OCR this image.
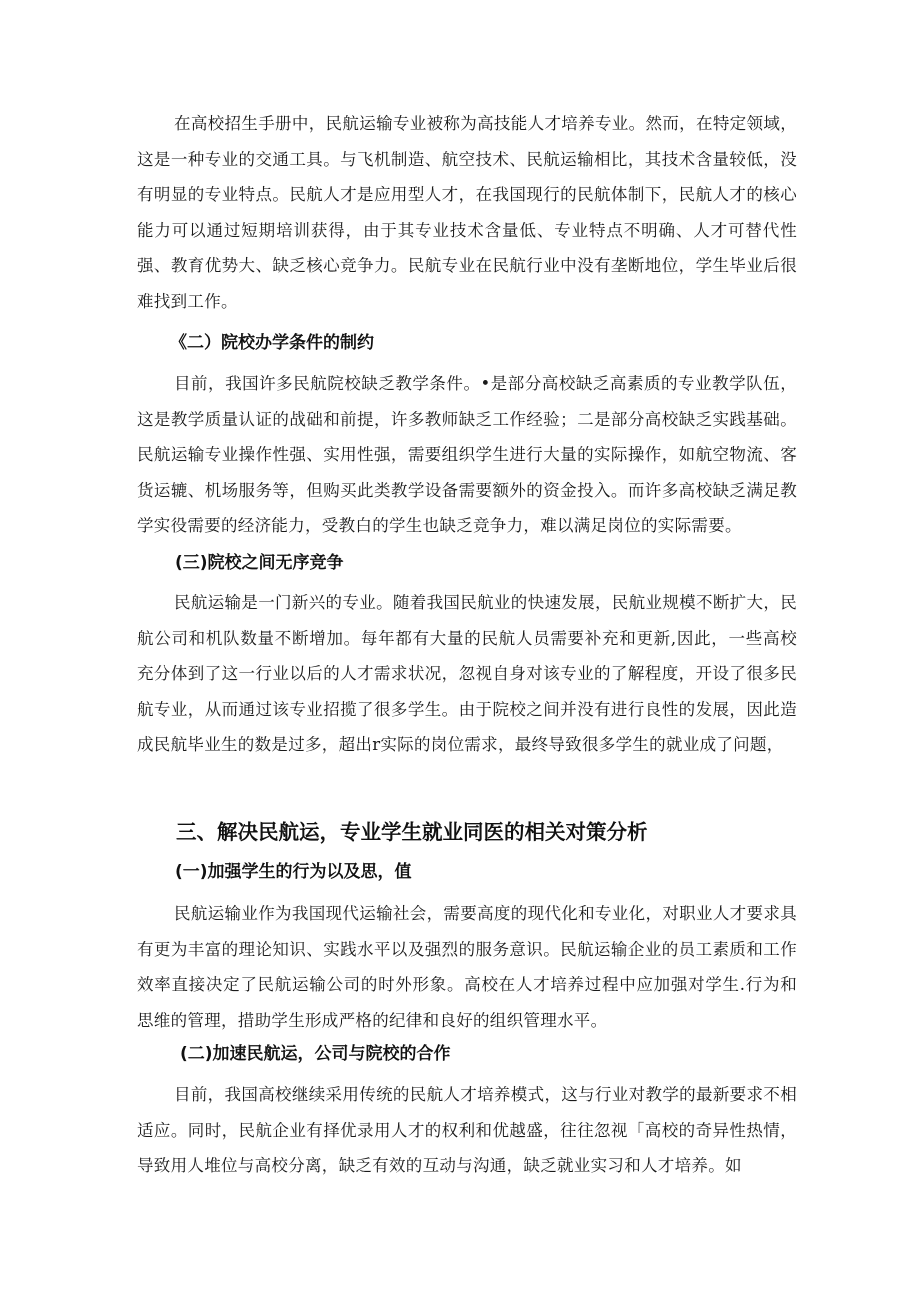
在高校招生手册中，民航运输专业被称为高技能人才培养专业。然而，在特定领域，这是一种专业的交通工具。与飞机制造、航空技术、民航运输相比，其技术含量较低，没有明显的专业特点。民航人才是应用型人才，在我国现行的民航体制下，民航人才的核心能力可以通过短期培训获得，由于其专业技术含量低、专业特点不明确、人才可替代性强、教育优势大、缺乏核心竞争力。民航专业在民航行业中没有垄断地位，学生毕业后很难找到工作。

《二）院校办学条件的制约

目前，我国许多民航院校缺乏教学条件。•是部分高校缺乏高素质的专业教学队伍，这是教学质量认证的战础和前提，许多教师缺乏工作经验；二是部分高校缺乏实践基础。民航运输专业操作性强、实用性强，需要组织学生进行大量的实际操作，如航空物流、客货运辘、机场服务等，但购买此类教学设备需要额外的资金投入。而许多高校缺乏满足教学实役需要的经济能力，受教白的学生也缺乏竞争力，难以满足岗位的实际需要。

(三)院校之间无序竞争

民航运输是一门新兴的专业。随着我国民航业的快速发展，民航业规模不断扩大，民航公司和机队数量不断增加。每年都有大量的民航人员需要补充和更新,因此，一些高校充分体到了这一行业以后的人才需求状况，忽视自身对该专业的了解程度，开设了很多民航专业，从而通过该专业招揽了很多学生。由于院校之间并没有进行良性的发展，因此造成民航毕业生的数是过多，超出r实际的岗位需求，最终导致很多学生的就业成了问题，

三、解决民航运，专业学生就业同医的相关对策分析
(一)加强学生的行为以及思，值

民航运输业作为我国现代运输社会，需要高度的现代化和专业化，对职业人才要求具有更为丰富的理论知识、实践水平以及强烈的服务意识。民航运输企业的员工素质和工作效率直接决定了民航运输公司的时外形象。高校在人才培养过程中应加强对学生.行为和思维的管理，措助学生形成严格的纪律和良好的组织管理水平。

(二)加速民航运，公司与院校的合作

目前，我国高校继续采用传统的民航人才培养模式，这与行业对教学的最新要求不相适应。同时，民航企业有择优录用人才的权利和优越盛，往往忽视「高校的奇异性热情，导致用人堆位与高校分离，缺乏有效的互动与沟通，缺乏就业实习和人才培养。如
